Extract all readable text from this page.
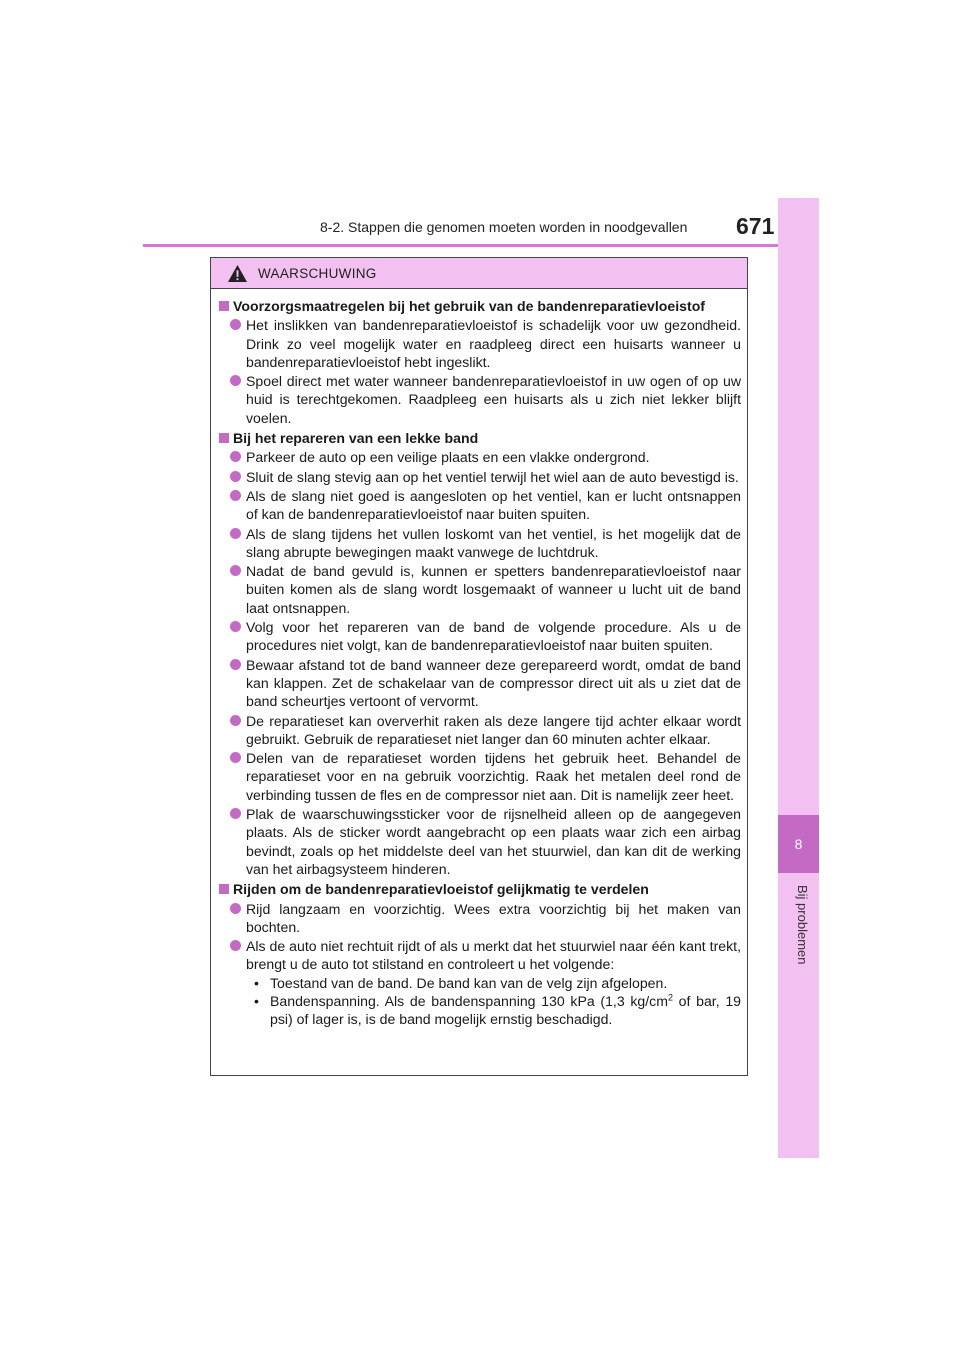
8-2. Stappen die genomen moeten worden in noodgevallen 671
8
Bij problemen
WAARSCHUWING
Voorzorgsmaatregelen bij het gebruik van de bandenreparatievloeistof
Het inslikken van bandenreparatievloeistof is schadelijk voor uw gezondheid. Drink zo veel mogelijk water en raadpleeg direct een huisarts wanneer u bandenreparatievloeistof hebt ingeslikt.
Spoel direct met water wanneer bandenreparatievloeistof in uw ogen of op uw huid is terechtgekomen. Raadpleeg een huisarts als u zich niet lekker blijft voelen.
Bij het repareren van een lekke band
Parkeer de auto op een veilige plaats en een vlakke ondergrond.
Sluit de slang stevig aan op het ventiel terwijl het wiel aan de auto bevestigd is.
Als de slang niet goed is aangesloten op het ventiel, kan er lucht ontsnappen of kan de bandenreparatievloeistof naar buiten spuiten.
Als de slang tijdens het vullen loskomt van het ventiel, is het mogelijk dat de slang abrupte bewegingen maakt vanwege de luchtdruk.
Nadat de band gevuld is, kunnen er spetters bandenreparatievloeistof naar buiten komen als de slang wordt losgemaakt of wanneer u lucht uit de band laat ontsnappen.
Volg voor het repareren van de band de volgende procedure. Als u de procedures niet volgt, kan de bandenreparatievloeistof naar buiten spuiten.
Bewaar afstand tot de band wanneer deze gerepareerd wordt, omdat de band kan klappen. Zet de schakelaar van de compressor direct uit als u ziet dat de band scheurtjes vertoont of vervormt.
De reparatieset kan oververhit raken als deze langere tijd achter elkaar wordt gebruikt. Gebruik de reparatieset niet langer dan 60 minuten achter elkaar.
Delen van de reparatieset worden tijdens het gebruik heet. Behandel de reparatieset voor en na gebruik voorzichtig. Raak het metalen deel rond de verbinding tussen de fles en de compressor niet aan. Dit is namelijk zeer heet.
Plak de waarschuwingssticker voor de rijsnelheid alleen op de aangegeven plaats. Als de sticker wordt aangebracht op een plaats waar zich een airbag bevindt, zoals op het middelste deel van het stuurwiel, dan kan dit de werking van het airbagsysteem hinderen.
Rijden om de bandenreparatievloeistof gelijkmatig te verdelen
Rijd langzaam en voorzichtig. Wees extra voorzichtig bij het maken van bochten.
Als de auto niet rechtuit rijdt of als u merkt dat het stuurwiel naar één kant trekt, brengt u de auto tot stilstand en controleert u het volgende:
• Toestand van de band. De band kan van de velg zijn afgelopen.
• Bandenspanning. Als de bandenspanning 130 kPa (1,3 $kg/cm^2$ of bar, 19 psi) of lager is, is de band mogelijk ernstig beschadigd.
